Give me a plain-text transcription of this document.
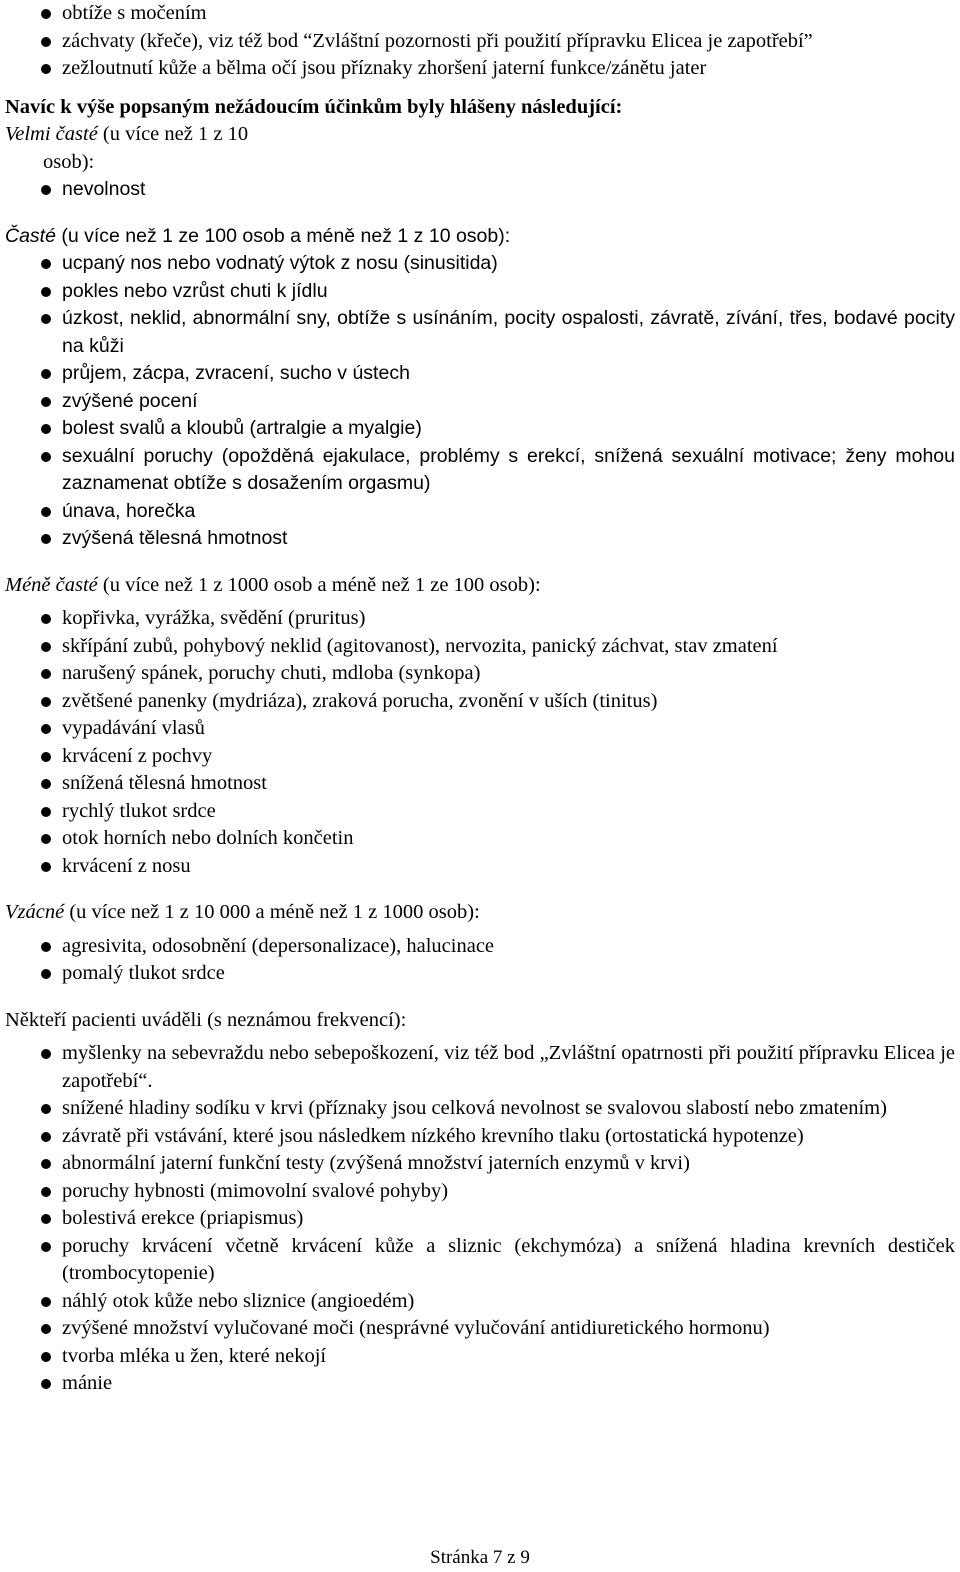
obtíže s močením
záchvaty (křeče), viz též bod “Zvláštní pozornosti při použití přípravku Elicea je zapotřebí”
zežloutnutí kůže a bělma očí jsou příznaky zhoršení jaterní funkce/zánětu jater
Navíc k výše popsaným nežádoucím účinkům byly hlášeny následující:
Velmi časté (u více než 1 z 10
osob):
nevolnost
Časté (u více než 1 ze 100 osob a méně než 1 z 10 osob):
ucpaný nos nebo vodnatý výtok z nosu (sinusitida)
pokles nebo vzrůst chuti k jídlu
úzkost, neklid, abnormální sny, obtíže s usínáním, pocity ospalosti, závratě, zívání, třes, bodavé pocity na kůži
průjem, zácpa, zvracení, sucho v ústech
zvýšené pocení
bolest svalů a kloubů (artralgie a myalgie)
sexuální poruchy (opožděná ejakulace, problémy s erekcí, snížená sexuální motivace; ženy mohou zaznamenat obtíže s dosažením orgasmu)
únava, horečka
zvýšená tělesná hmotnost
Méně časté (u více než 1 z 1000 osob a méně než 1 ze 100 osob):
kopřivka, vyrážka, svědění (pruritus)
skřípání zubů, pohybový neklid (agitovanost), nervozita, panický záchvat, stav zmatení
narušený spánek, poruchy chuti, mdloba (synkopa)
zvětšené panenky (mydriáza), zraková porucha, zvonění v uších (tinitus)
vypadávání vlasů
krvácení z pochvy
snížená tělesná hmotnost
rychlý tlukot srdce
otok horních nebo dolních končetin
krvácení z nosu
Vzácné (u více než 1 z 10 000 a méně než 1 z 1000 osob):
agresivita, odosobnění (depersonalizace), halucinace
pomalý tlukot srdce
Někteří pacienti uváděli (s neznámou frekvencí):
myšlenky na sebevraždu nebo sebepoškození, viz též bod „Zvláštní opatrnosti při použití přípravku Elicea je zapotřebí“.
snížené hladiny sodíku v krvi (příznaky jsou celková nevolnost se svalovou slabostí nebo zmatením)
závratě při vstávání, které jsou následkem nízkého krevního tlaku (ortostatická hypotenze)
abnormální jaterní funkční testy (zvýšená množství jaterních enzymů v krvi)
poruchy hybnosti (mimovolní svalové pohyby)
bolestivá erekce (priapismus)
poruchy krvácení včetně krvácení kůže a sliznic (ekchymóza) a snížená hladina krevních destiček (trombocytopenie)
náhlý otok kůže nebo sliznice (angioedém)
zvýšené množství vylučované moči (nesprávné vylučování antidiuretického hormonu)
tvorba mléka u žen, které nekojí
mánie
Stránka 7 z 9
